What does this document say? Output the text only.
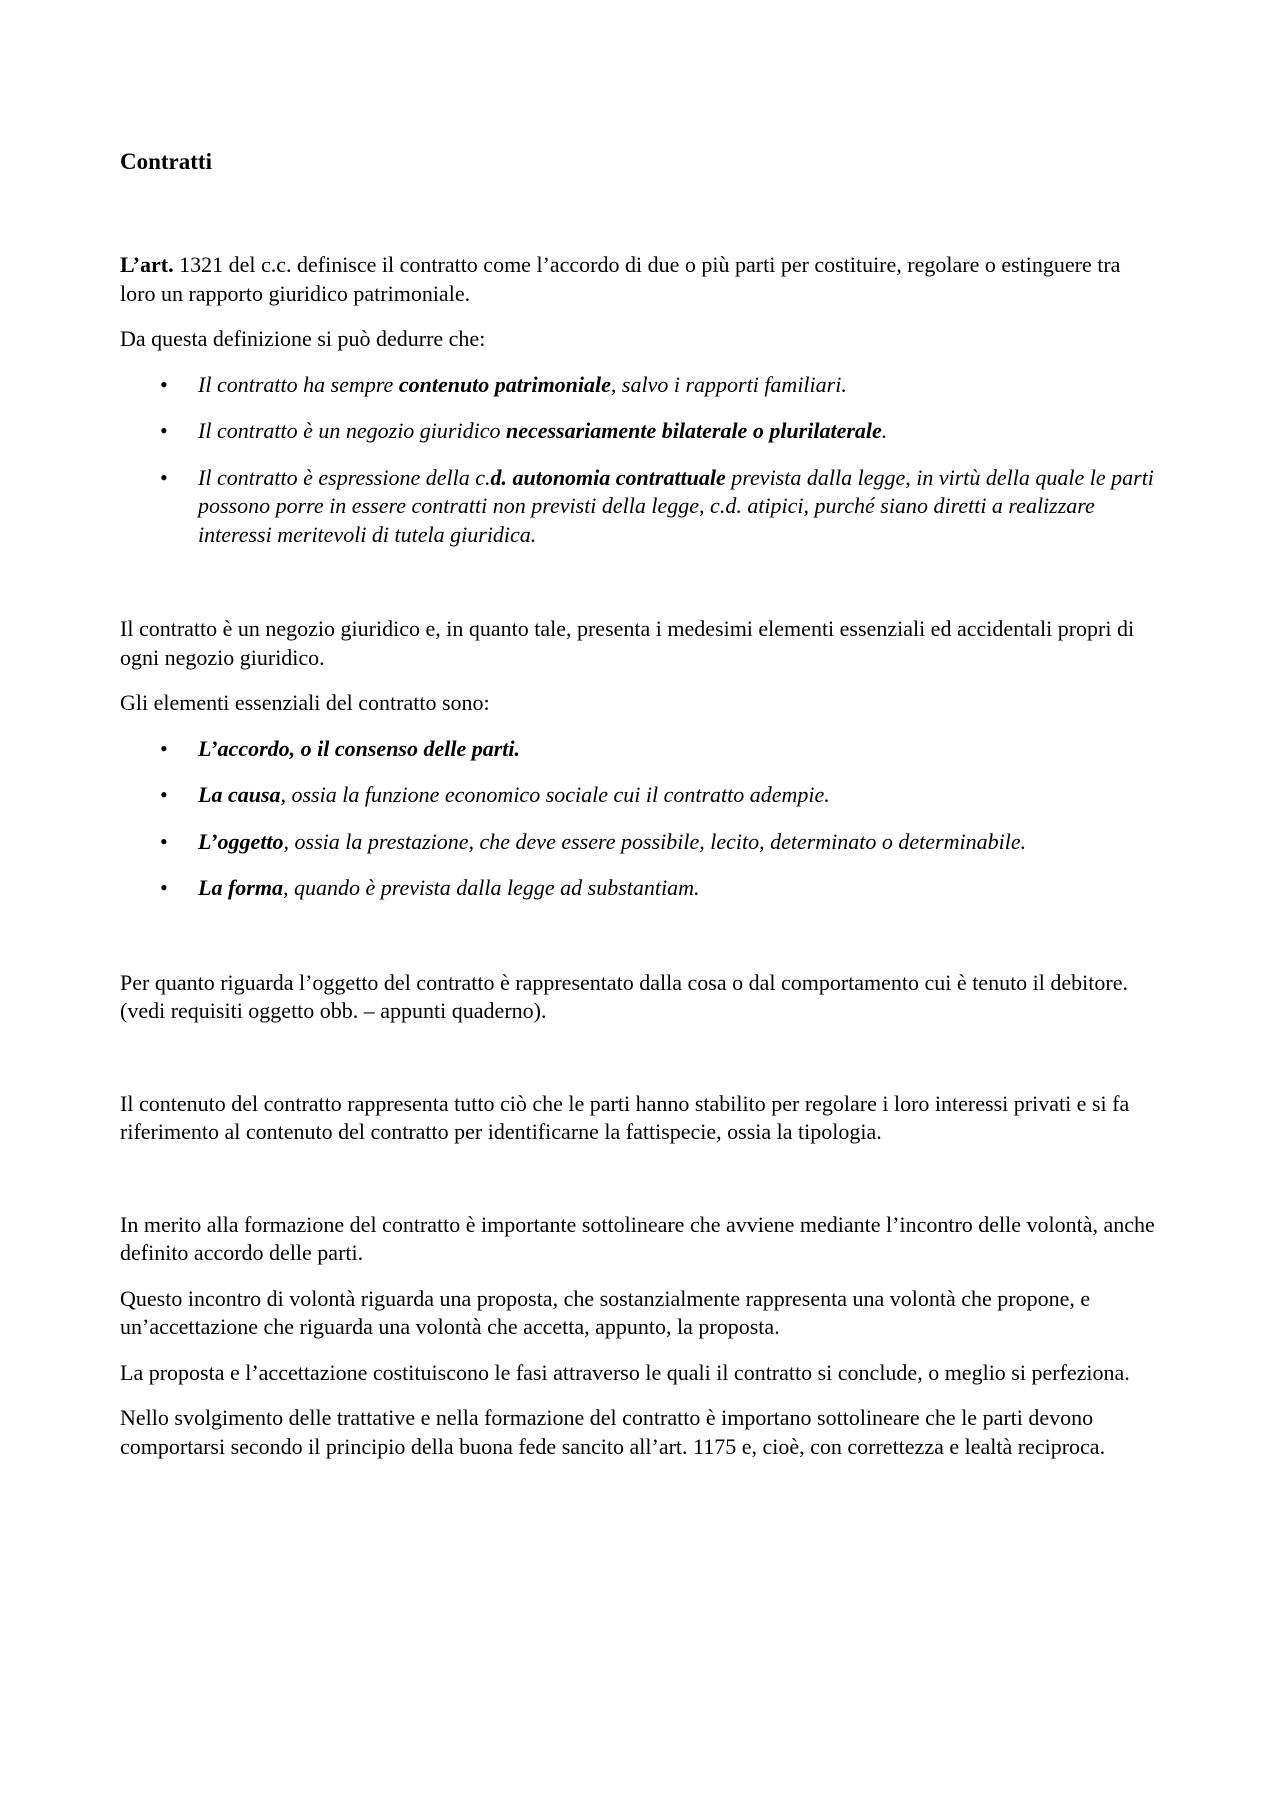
Contratti

L’art. 1321 del c.c. definisce il contratto come l’accordo di due o più parti per costituire, regolare o estinguere tra loro un rapporto giuridico patrimoniale.

Da questa definizione si può dedurre che:

• Il contratto ha sempre contenuto patrimoniale, salvo i rapporti familiari.
• Il contratto è un negozio giuridico necessariamente bilaterale o plurilaterale.
• Il contratto è espressione della c.d. autonomia contrattuale prevista dalla legge, in virtù della quale le parti possono porre in essere contratti non previsti della legge, c.d. atipici, purché siano diretti a realizzare interessi meritevoli di tutela giuridica.

Il contratto è un negozio giuridico e, in quanto tale, presenta i medesimi elementi essenziali ed accidentali propri di ogni negozio giuridico.

Gli elementi essenziali del contratto sono:

• L’accordo, o il consenso delle parti.
• La causa, ossia la funzione economico sociale cui il contratto adempie.
• L’oggetto, ossia la prestazione, che deve essere possibile, lecito, determinato o determinabile.
• La forma, quando è prevista dalla legge ad substantiam.

Per quanto riguarda l’oggetto del contratto è rappresentato dalla cosa o dal comportamento cui è tenuto il debitore. (vedi requisiti oggetto obb. – appunti quaderno).

Il contenuto del contratto rappresenta tutto ciò che le parti hanno stabilito per regolare i loro interessi privati e si fa riferimento al contenuto del contratto per identificarne la fattispecie, ossia la tipologia.

In merito alla formazione del contratto è importante sottolineare che avviene mediante l’incontro delle volontà, anche definito accordo delle parti.

Questo incontro di volontà riguarda una proposta, che sostanzialmente rappresenta una volontà che propone, e un’accettazione che riguarda una volontà che accetta, appunto, la proposta.

La proposta e l’accettazione costituiscono le fasi attraverso le quali il contratto si conclude, o meglio si perfeziona.

Nello svolgimento delle trattative e nella formazione del contratto è importano sottolineare che le parti devono comportarsi secondo il principio della buona fede sancito all’art. 1175 e, cioè, con correttezza e lealtà reciproca.
